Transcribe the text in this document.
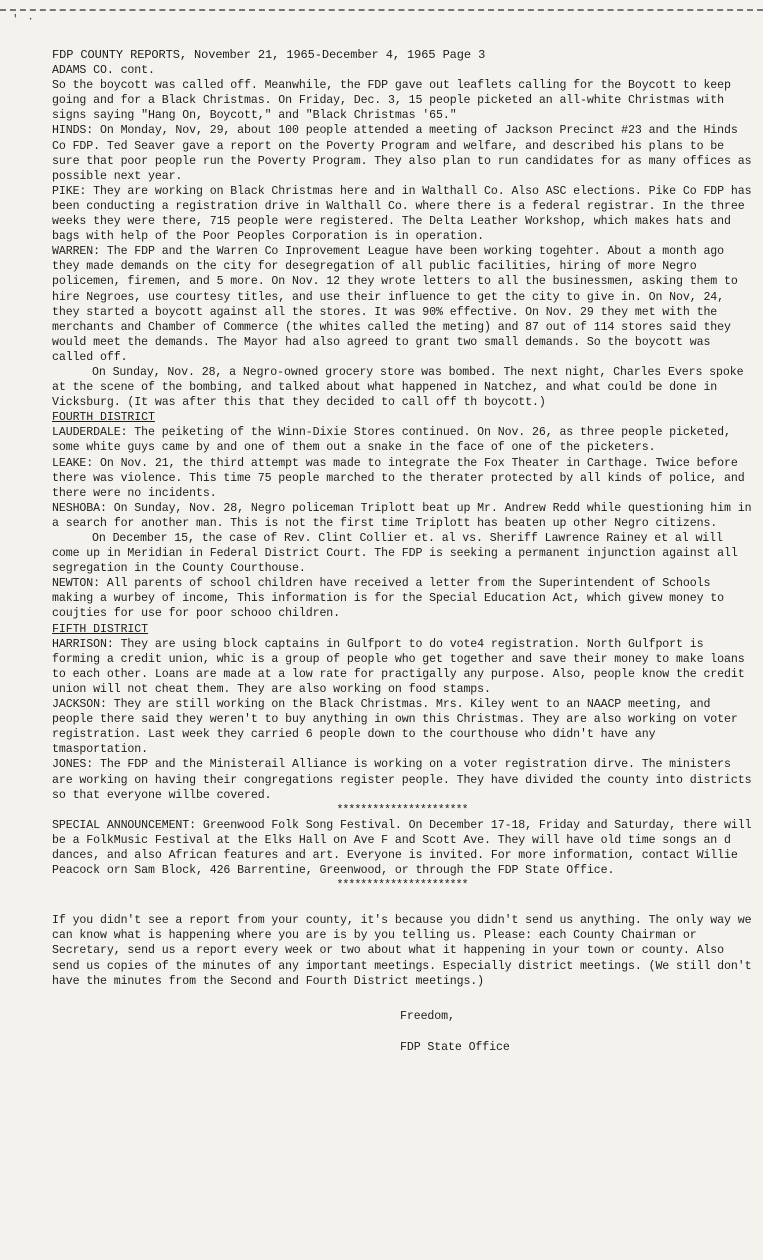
' ·

FDP COUNTY REPORTS, November 21, 1965-December 4, 1965 Page 3

ADAMS CO. cont.

So the boycott was called off. Meanwhile, the FDP gave out leaflets calling for the Boycott to keep going and for a Black Christmas. On Friday, Dec. 3, 15 people picketed an all-white Christmas with signs saying "Hang On, Boycott," and "Black Christmas '65."

HINDS: On Monday, Nov, 29, about 100 people attended a meeting of Jackson Precinct #23 and the Hinds Co FDP. Ted Seaver gave a report on the Poverty Program and welfare, and described his plans to be sure that poor people run the Poverty Program. They also plan to run candidates for as many offices as possible next year.

PIKE: They are working on Black Christmas here and in Walthall Co. Also ASC elections. Pike Co FDP has been conducting a registration drive in Walthall Co. where there is a federal registrar. In the three weeks they were there, 715 people were registered. The Delta Leather Workshop, which makes hats and bags with help of the Poor Peoples Corporation is in operation.

WARREN: The FDP and the Warren Co Inprovement League have been working togehter. About a month ago they made demands on the city for desegregation of all public facilities, hiring of more Negro policemen, firemen, and 5 more. On Nov. 12 they wrote letters to all the businessmen, asking them to hire Negroes, use courtesy titles, and use their influence to get the city to give in. On Nov, 24, they started a boycott against all the stores. It was 90% effective. On Nov. 29 they met with the merchants and Chamber of Commerce (the whites called the meting) and 87 out of 114 stores said they would meet the demands. The Mayor had also agreed to grant two small demands. So the boycott was called off.

On Sunday, Nov. 28, a Negro-owned grocery store was bombed. The next night, Charles Evers spoke at the scene of the bombing, and talked about what happened in Natchez, and what could be done in Vicksburg. (It was after this that they decided to call off th boycott.)

FOURTH DISTRICT

LAUDERDALE: The peiketing of the Winn-Dixie Stores continued. On Nov. 26, as three people picketed, some white guys came by and one of them out a snake in the face of one of the picketers.

LEAKE: On Nov. 21, the third attempt was made to integrate the Fox Theater in Carthage. Twice before there was violence. This time 75 people marched to the therater protected by all kinds of police, and there were no incidents.

NESHOBA: On Sunday, Nov. 28, Negro policeman Triplott beat up Mr. Andrew Redd while questioning him in a search for another man. This is not the first time Triplott has beaten up other Negro citizens.

On December 15, the case of Rev. Clint Collier et. al vs. Sheriff Lawrence Rainey et al will come up in Meridian in Federal District Court. The FDP is seeking a permanent injunction against all segregation in the County Courthouse.

NEWTON: All parents of school children have received a letter from the Superintendent of Schools making a wurbey of income, This information is for the Special Education Act, which givew money to coujties for use for poor schooo children.

FIFTH DISTRICT

HARRISON: They are using block captains in Gulfport to do vote4 registration. North Gulfport is forming a credit union, whic is a group of people who get together and save their money to make loans to each other. Loans are made at a low rate for practigally any purpose. Also, people know the credit union will not cheat them. They are also working on food stamps.

JACKSON: They are still working on the Black Christmas. Mrs. Kiley went to an NAACP meeting, and people there said they weren't to buy anything in own this Christmas. They are also working on voter registration. Last week they carried 6 people down to the courthouse who didn't have any tmasportation.

JONES: The FDP and the Ministerail Alliance is working on a voter registration dirve. The ministers are working on having their congregations register people. They have divided the county into districts so that everyone willbe covered.

**********************

SPECIAL ANNOUNCEMENT: Greenwood Folk Song Festival. On December 17-18, Friday and Saturday, there will be a FolkMusic Festival at the Elks Hall on Ave F and Scott Ave. They will have old time songs an d dances, and also African features and art. Everyone is invited. For more information, contact Willie Peacock orn Sam Block, 426 Barrentine, Greenwood, or through the FDP State Office.

**********************

If you didn't see a report from your county, it's because you didn't send us anything. The only way we can know what is happening where you are is by you telling us. Please: each County Chairman or Secretary, send us a report every week or two about what it happening in your town or county. Also send us copies of the minutes of any important meetings. Especially district meetings. (We still don't have the minutes from the Second and Fourth District meetings.)

Freedom,

FDP State Office
